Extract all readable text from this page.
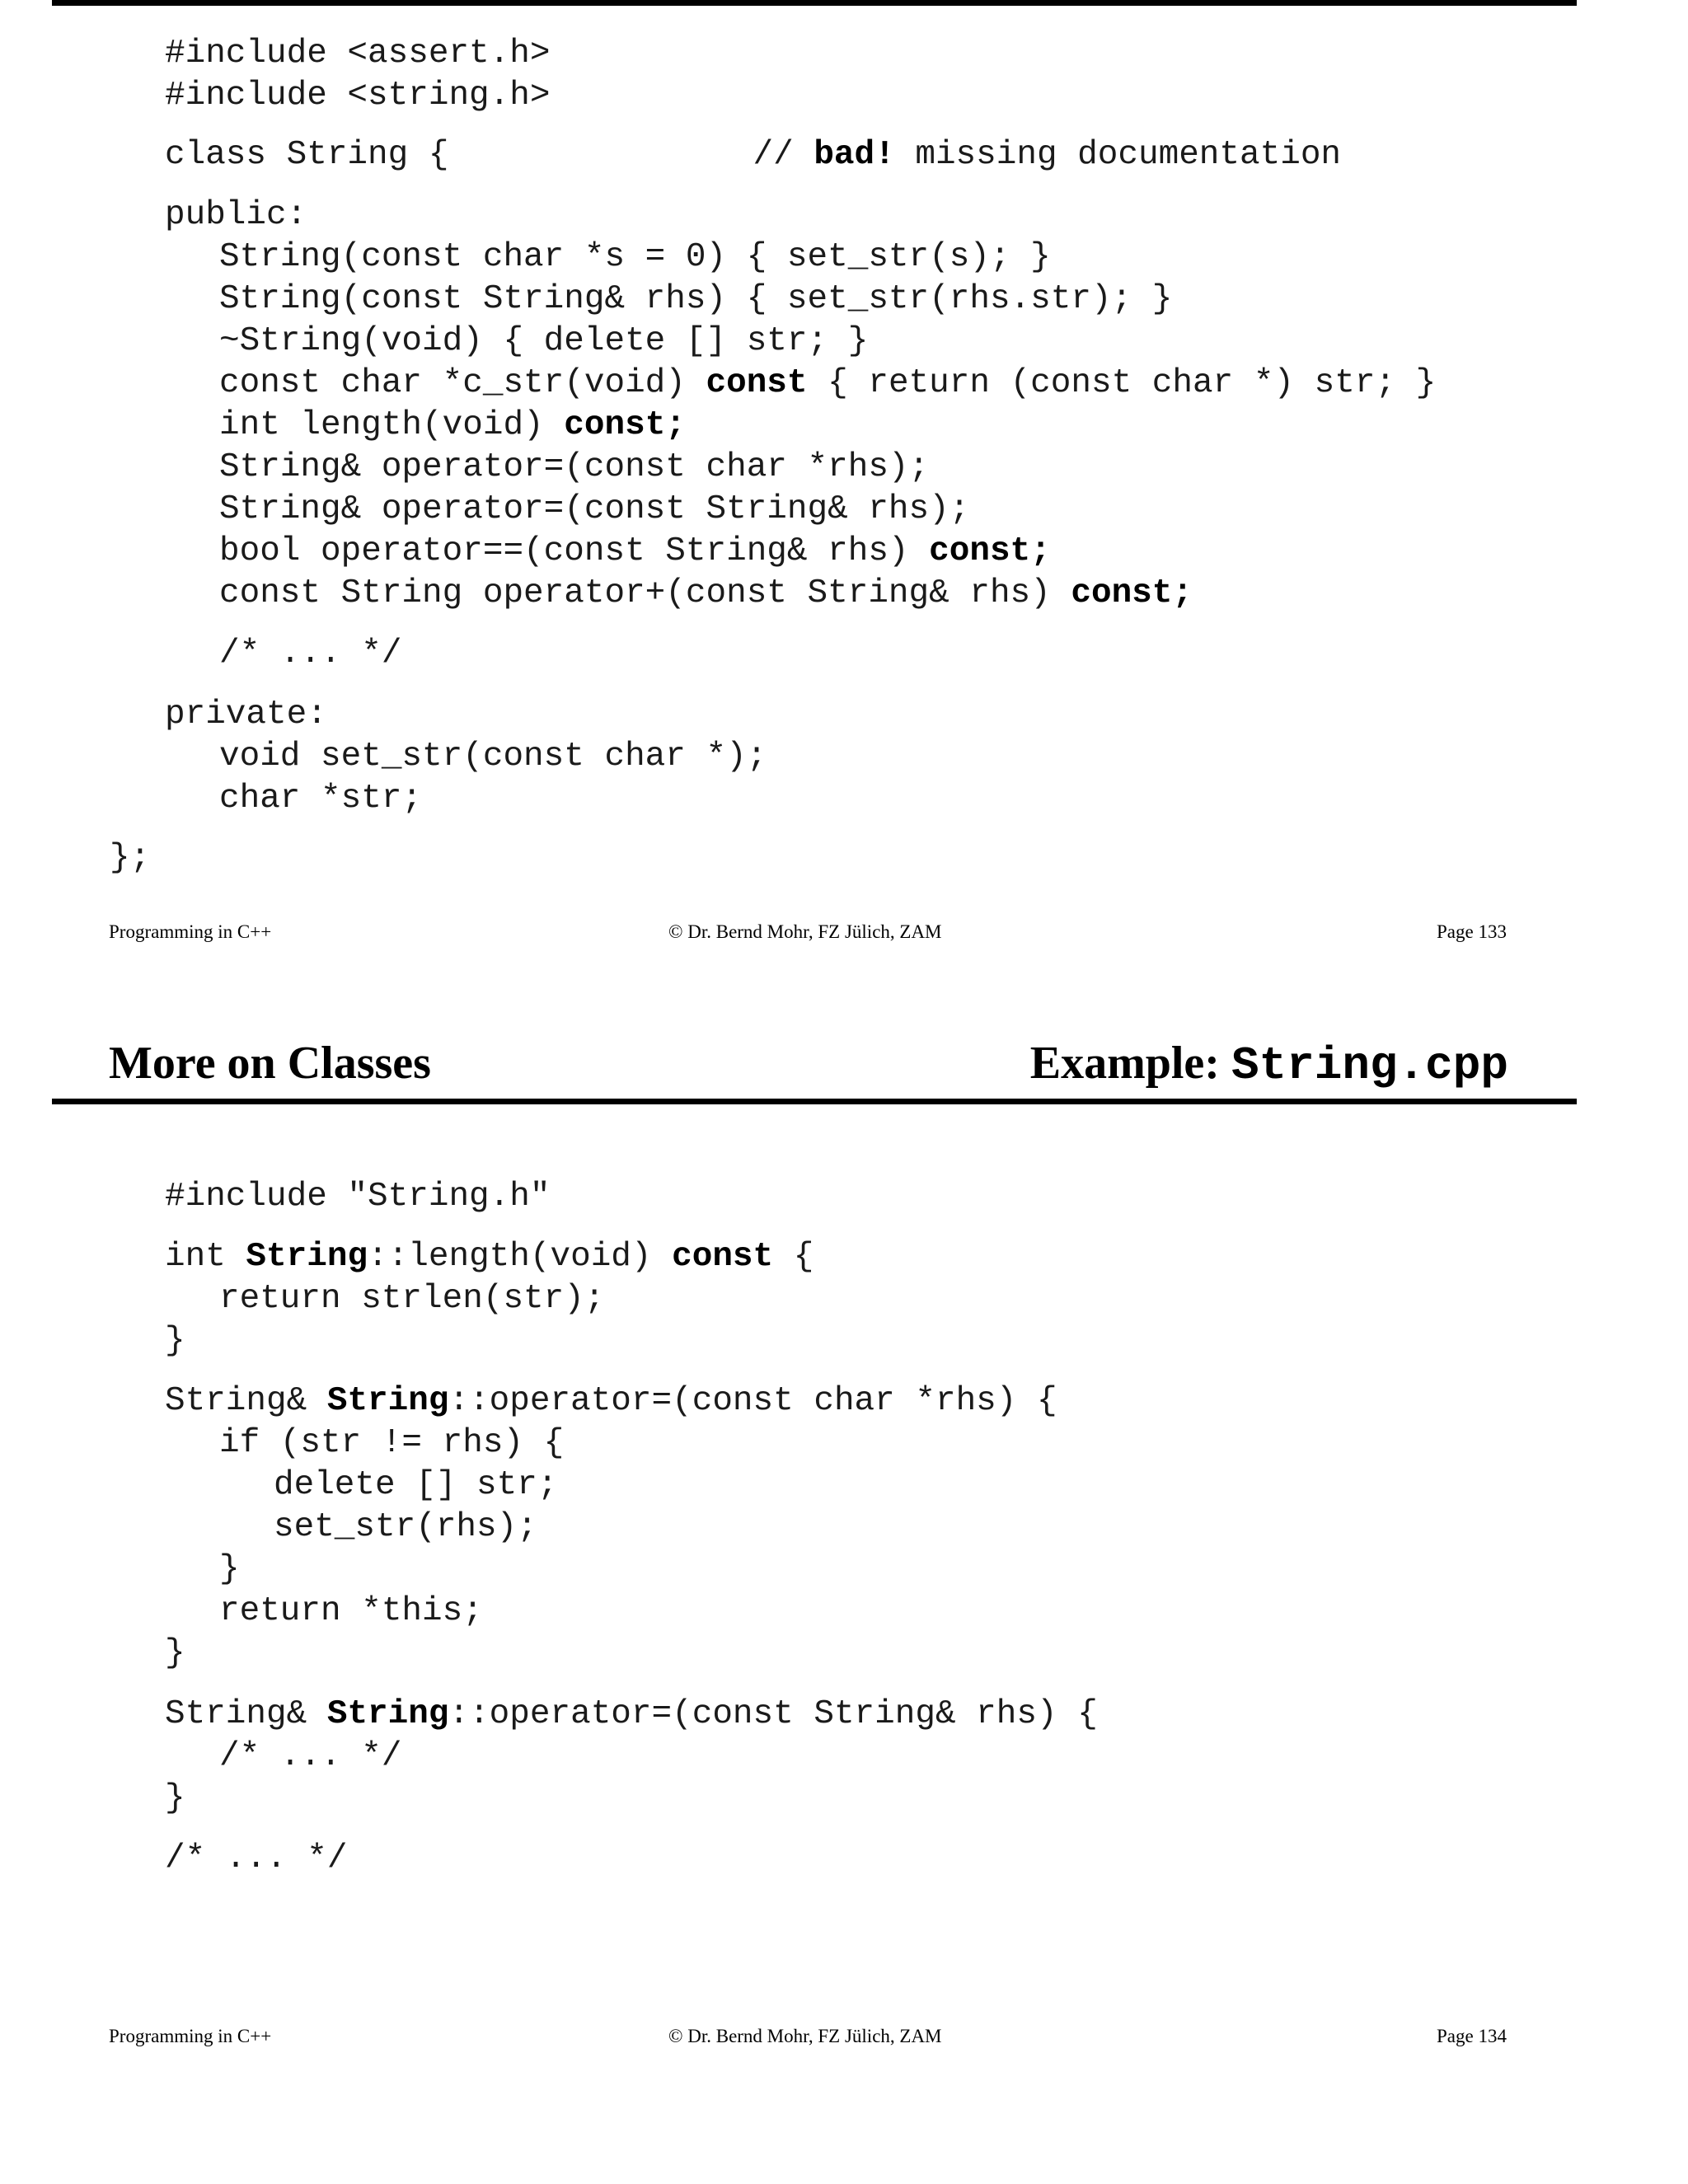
#include <assert.h>
#include <string.h>
class String {               // bad! missing documentation
public:
String(const char *s = 0) { set_str(s); }
String(const String& rhs) { set_str(rhs.str); }
~String(void) { delete [] str; }
const char *c_str(void) const { return (const char *) str; }
int length(void) const;
String& operator=(const char *rhs);
String& operator=(const String& rhs);
bool operator==(const String& rhs) const;
const String operator+(const String& rhs) const;
/* ... */
private:
void set_str(const char *);
char *str;
};
Programming in C++	© Dr. Bernd Mohr, FZ Jülich, ZAM	Page 133
More on Classes	Example: String.cpp
#include "String.h"
int String::length(void) const {
return strlen(str);
}
String& String::operator=(const char *rhs) {
if (str != rhs) {
delete [] str;
set_str(rhs);
}
return *this;
}
String& String::operator=(const String& rhs) {
/* ... */
}
/* ... */
Programming in C++	© Dr. Bernd Mohr, FZ Jülich, ZAM	Page 134
